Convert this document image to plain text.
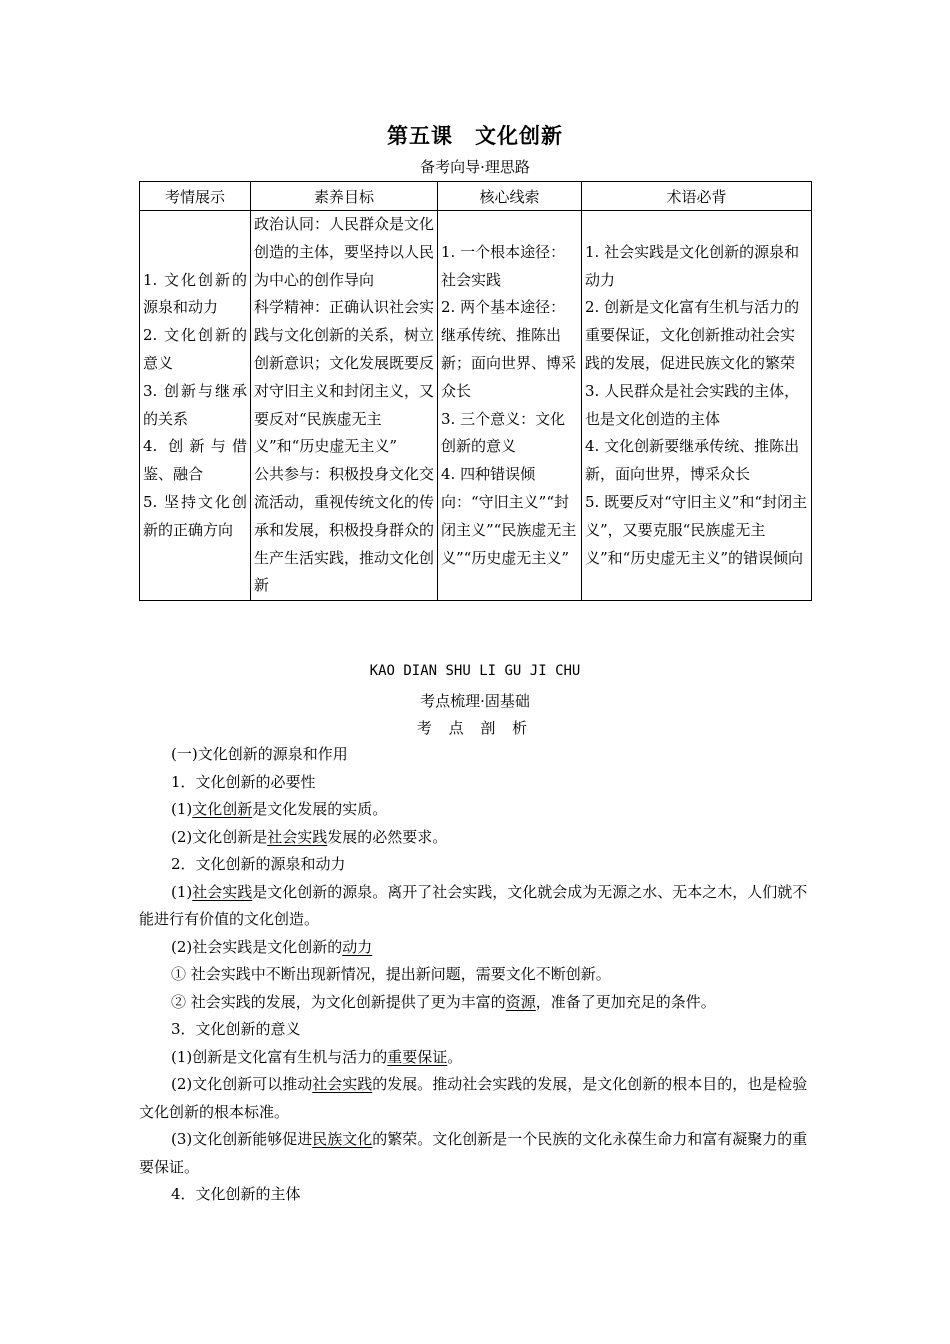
第五课　文化创新
备考向导·理思路
考情展示	素养目标	核心线索	术语必背

1. 文化创新的源泉和动力
2. 文化创新的意义
3. 创新与继承的关系
4. 创新与借鉴、融合
5. 坚持文化创新的正确方向	政治认同：人民群众是文化创造的主体，要坚持以人民为中心的创作导向
科学精神：正确认识社会实践与文化创新的关系，树立创新意识；文化发展既要反对守旧主义和封闭主义，又要反对“民族虚无主义”和“历史虚无主义”
公共参与：积极投身文化交流活动，重视传统文化的传承和发展，积极投身群众的生产生活实践，推动文化创新	1. 一个根本途径：社会实践
2. 两个基本途径：继承传统、推陈出新；面向世界、博采众长
3. 三个意义：文化创新的意义
4. 四种错误倾向：“守旧主义”“封闭主义”“民族虚无主义”“历史虚无主义”	1. 社会实践是文化创新的源泉和动力
2. 创新是文化富有生机与活力的重要保证，文化创新推动社会实践的发展，促进民族文化的繁荣
3. 人民群众是社会实践的主体，也是文化创造的主体
4. 文化创新要继承传统、推陈出新，面向世界，博采众长
5. 既要反对“守旧主义”和“封闭主义”，又要克服“民族虚无主义”和“历史虚无主义”的错误倾向
KAO DIAN SHU LI GU JI CHU
考点梳理·固基础
考 点 剖 析

(一)文化创新的源泉和作用

1．文化创新的必要性

(1)文化创新是文化发展的实质。

(2)文化创新是社会实践发展的必然要求。

2．文化创新的源泉和动力

(1)社会实践是文化创新的源泉。离开了社会实践，文化就会成为无源之水、无本之木，人们就不能进行有价值的文化创造。

(2)社会实践是文化创新的动力

① 社会实践中不断出现新情况，提出新问题，需要文化不断创新。

② 社会实践的发展，为文化创新提供了更为丰富的资源，准备了更加充足的条件。

3．文化创新的意义

(1)创新是文化富有生机与活力的重要保证。

(2)文化创新可以推动社会实践的发展。推动社会实践的发展，是文化创新的根本目的，也是检验文化创新的根本标准。

(3)文化创新能够促进民族文化的繁荣。文化创新是一个民族的文化永葆生命力和富有凝聚力的重要保证。

4．文化创新的主体
